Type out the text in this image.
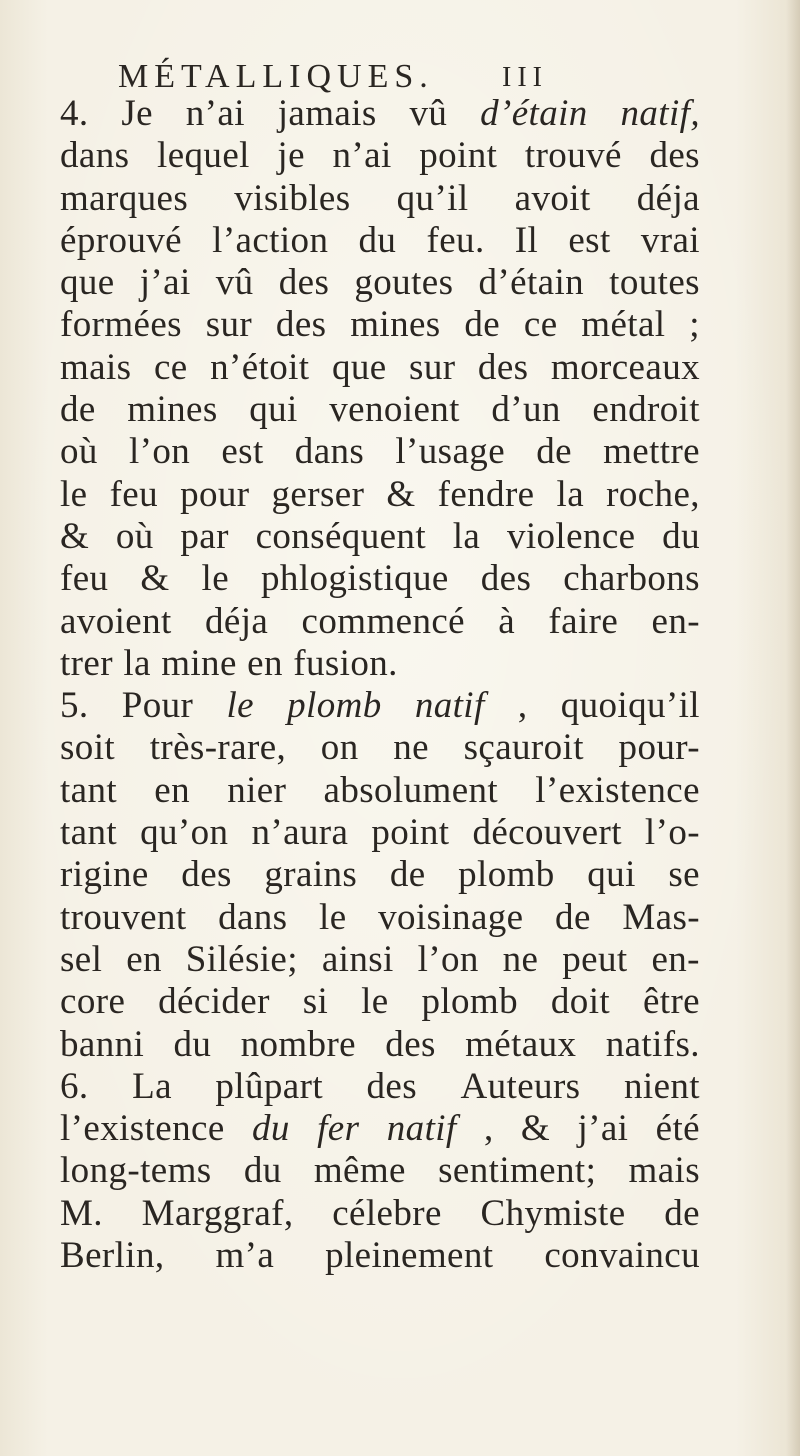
MÉTALLIQUES.	III
4. Je n’ai jamais vû d’étain natif,
dans lequel je n’ai point trouvé des
marques visibles qu’il avoit déja
éprouvé l’action du feu. Il est vrai
que j’ai vû des goutes d’étain toutes
formées sur des mines de ce métal ;
mais ce n’étoit que sur des morceaux
de mines qui venoient d’un endroit
où l’on est dans l’usage de mettre
le feu pour gerser & fendre la roche,
& où par conséquent la violence du
feu & le phlogistique des charbons
avoient déja commencé à faire en-
trer la mine en fusion.
5. Pour le plomb natif , quoiqu’il
soit très-rare, on ne sçauroit pour-
tant en nier absolument l’existence
tant qu’on n’aura point découvert l’o-
rigine des grains de plomb qui se
trouvent dans le voisinage de Mas-
sel en Silésie; ainsi l’on ne peut en-
core décider si le plomb doit être
banni du nombre des métaux natifs.
6. La plûpart des Auteurs nient
l’existence du fer natif , & j’ai été
long-tems du même sentiment; mais
M. Marggraf, célebre Chymiste de
Berlin, m’a pleinement convaincu
